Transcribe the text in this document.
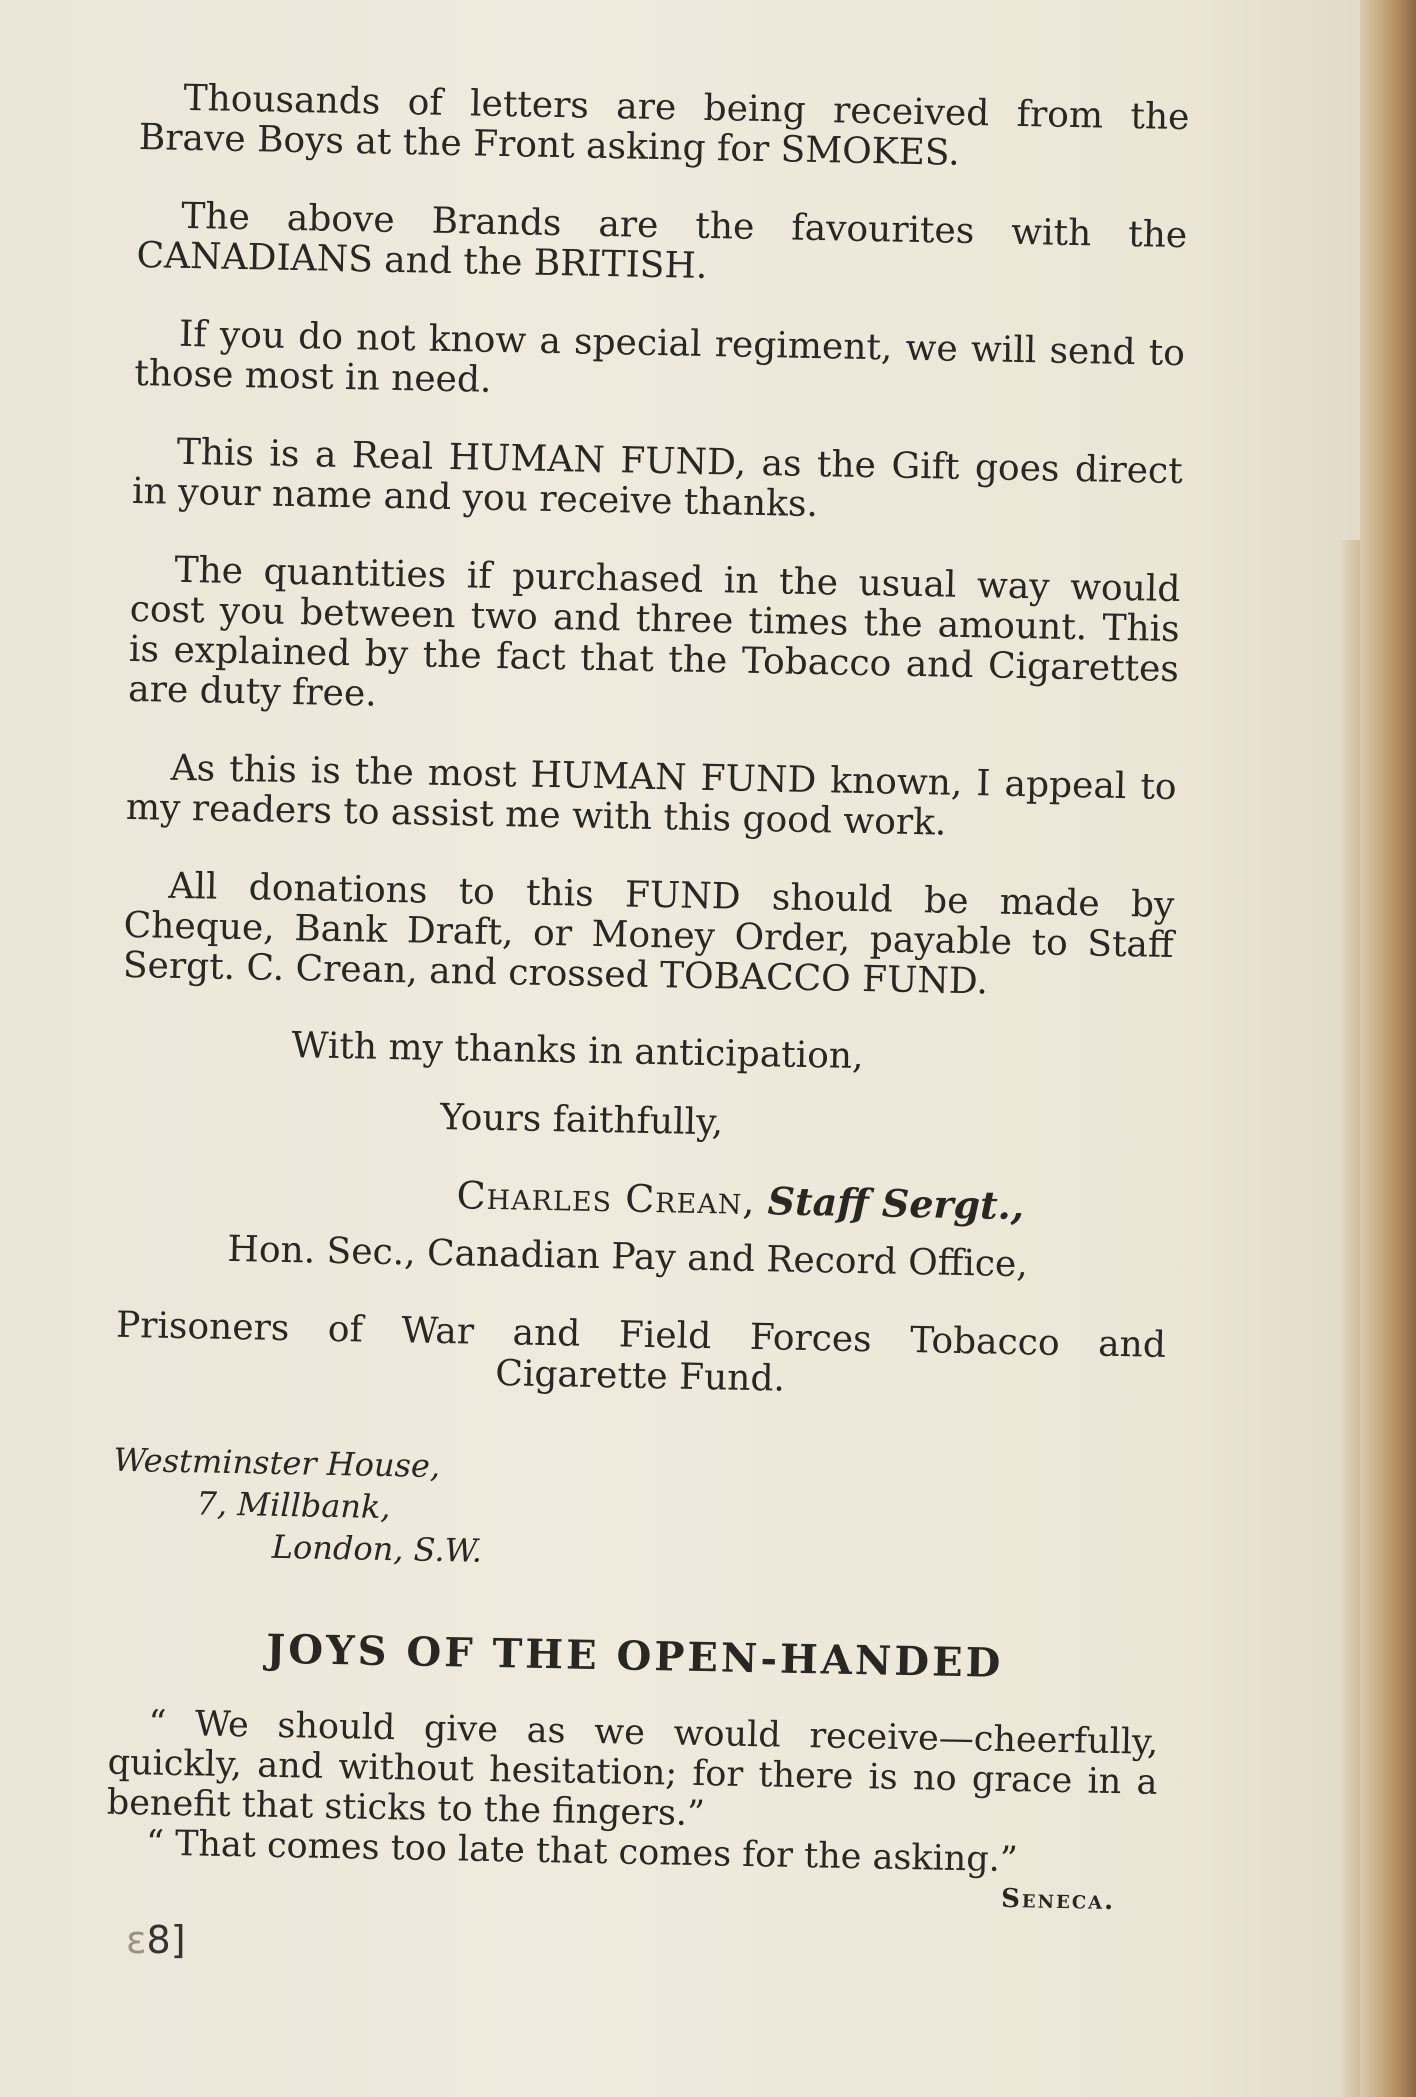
Thousands of letters are being received from the Brave Boys at the Front asking for SMOKES.

The above Brands are the favourites with the CANADIANS and the BRITISH.

If you do not know a special regiment, we will send to those most in need.

This is a Real HUMAN FUND, as the Gift goes direct in your name and you receive thanks.

The quantities if purchased in the usual way would cost you between two and three times the amount. This is explained by the fact that the Tobacco and Cigarettes are duty free.

As this is the most HUMAN FUND known, I appeal to my readers to assist me with this good work.

All donations to this FUND should be made by Cheque, Bank Draft, or Money Order, payable to Staff Sergt. C. Crean, and crossed TOBACCO FUND.

With my thanks in anticipation,

Yours faithfully,

Charles Crean, Staff Sergt.,

Hon. Sec., Canadian Pay and Record Office,

Prisoners of War and Field Forces Tobacco and

Cigarette Fund.

Westminster House,
7, Millbank,
London, S.W.
JOYS OF THE OPEN-HANDED

“ We should give as we would receive—cheerfully, quickly, and without hesitation; for there is no grace in a benefit that sticks to the fingers.”

“ That comes too late that comes for the asking.”

Seneca.

ε8]
